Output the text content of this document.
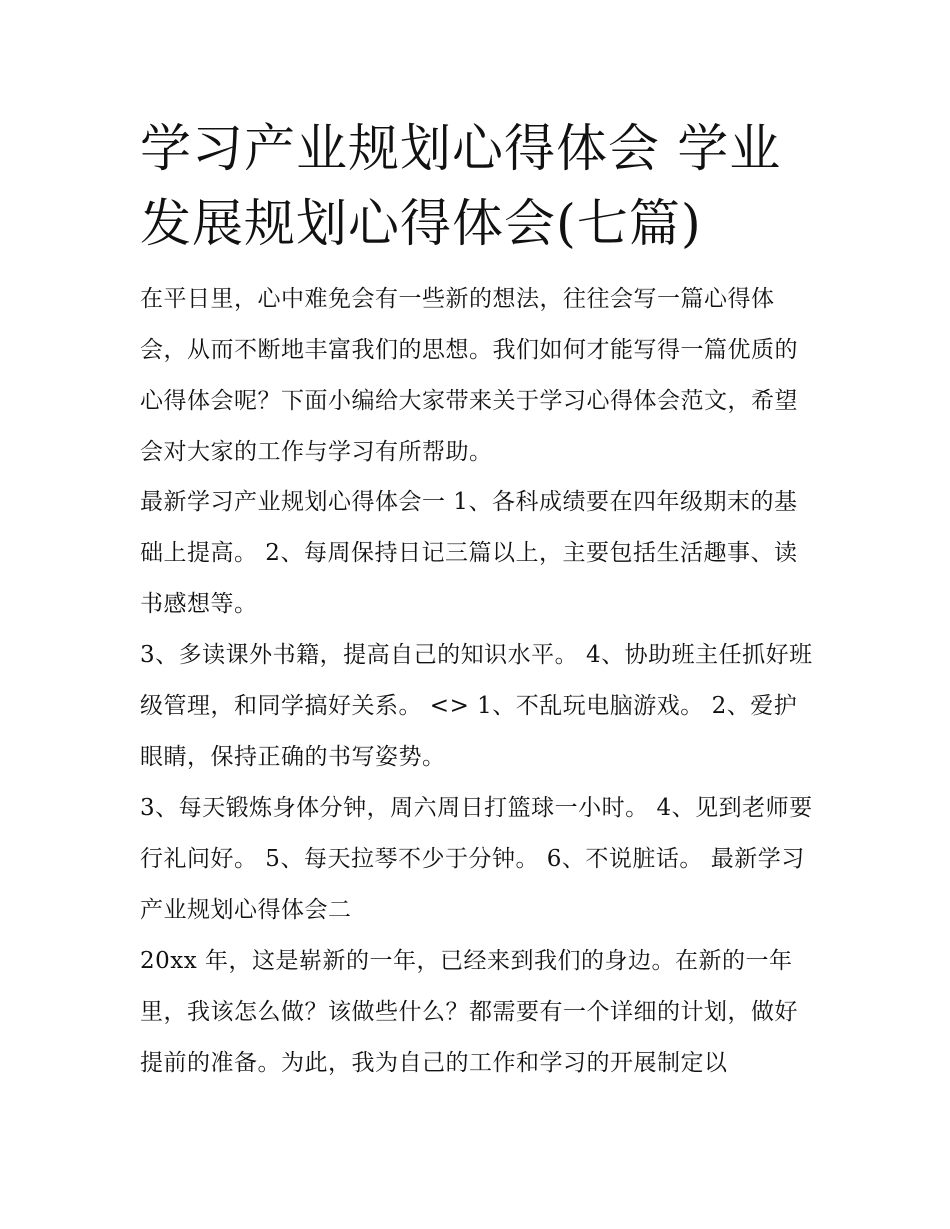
学习产业规划心得体会 学业发展规划心得体会(七篇)

在平日里，心中难免会有一些新的想法，往往会写一篇心得体会，从而不断地丰富我们的思想。我们如何才能写得一篇优质的心得体会呢？下面小编给大家带来关于学习心得体会范文，希望会对大家的工作与学习有所帮助。

最新学习产业规划心得体会一 1、各科成绩要在四年级期末的基础上提高。 2、每周保持日记三篇以上，主要包括生活趣事、读书感想等。

3、多读课外书籍，提高自己的知识水平。 4、协助班主任抓好班级管理，和同学搞好关系。 <> 1、不乱玩电脑游戏。 2、爱护眼睛，保持正确的书写姿势。

3、每天锻炼身体分钟，周六周日打篮球一小时。 4、见到老师要行礼问好。 5、每天拉琴不少于分钟。 6、不说脏话。 最新学习产业规划心得体会二

20xx 年，这是崭新的一年，已经来到我们的身边。在新的一年里，我该怎么做？该做些什么？都需要有一个详细的计划，做好提前的准备。为此，我为自己的工作和学习的开展制定以
